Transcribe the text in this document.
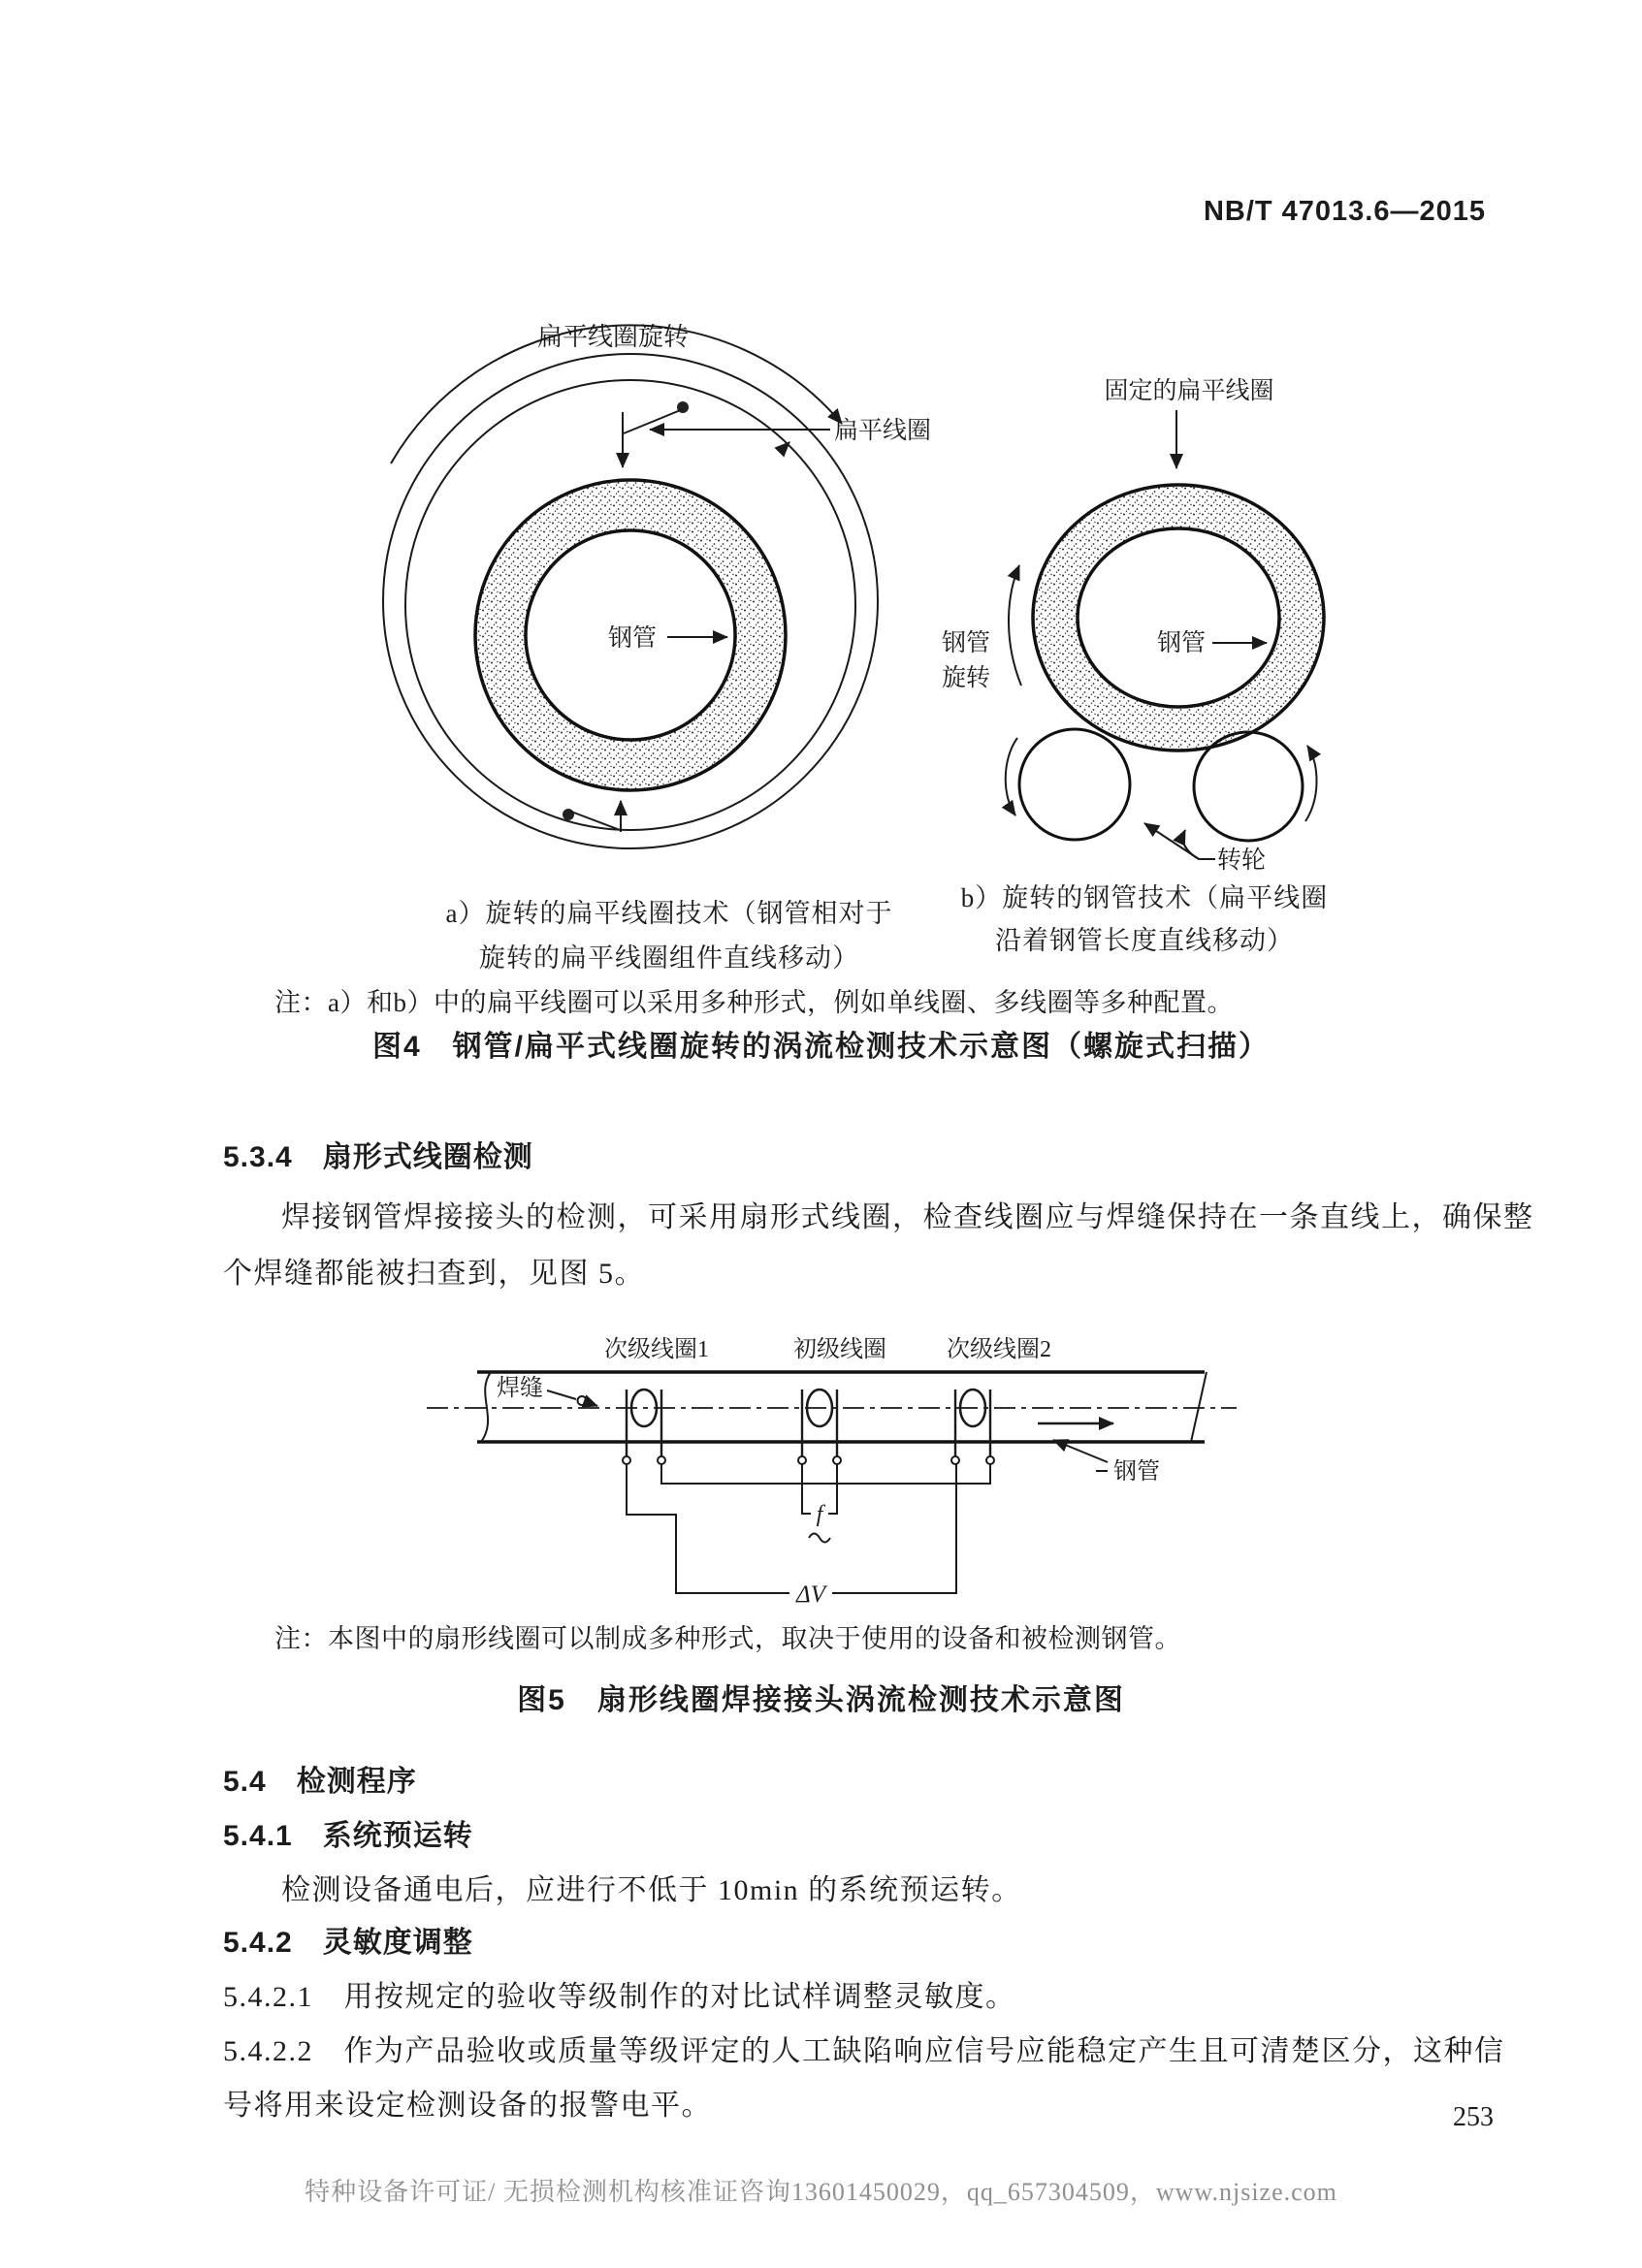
NB/T 47013.6—2015
扁平线圈旋转
扁平线圈
钢管
固定的扁平线圈
钢管
旋转
钢管
转轮
a）旋转的扁平线圈技术（钢管相对于
旋转的扁平线圈组件直线移动）
b）旋转的钢管技术（扁平线圈
沿着钢管长度直线移动）
注：a）和b）中的扁平线圈可以采用多种形式，例如单线圈、多线圈等多种配置。
图4　钢管/扁平式线圈旋转的涡流检测技术示意图（螺旋式扫描）
5.3.4　扇形式线圈检测
焊接钢管焊接接头的检测，可采用扇形式线圈，检查线圈应与焊缝保持在一条直线上，确保整
个焊缝都能被扫查到，见图 5。
次级线圈1	初级线圈	次级线圈2
焊缝
f
ΔV
钢管
注：本图中的扇形线圈可以制成多种形式，取决于使用的设备和被检测钢管。
图5　扇形线圈焊接接头涡流检测技术示意图
5.4　检测程序
5.4.1　系统预运转
检测设备通电后，应进行不低于 10min 的系统预运转。
5.4.2　灵敏度调整
5.4.2.1　用按规定的验收等级制作的对比试样调整灵敏度。
5.4.2.2　作为产品验收或质量等级评定的人工缺陷响应信号应能稳定产生且可清楚区分，这种信
号将用来设定检测设备的报警电平。	253
特种设备许可证/ 无损检测机构核准证咨询13601450029，qq_657304509，www.njsize.com
